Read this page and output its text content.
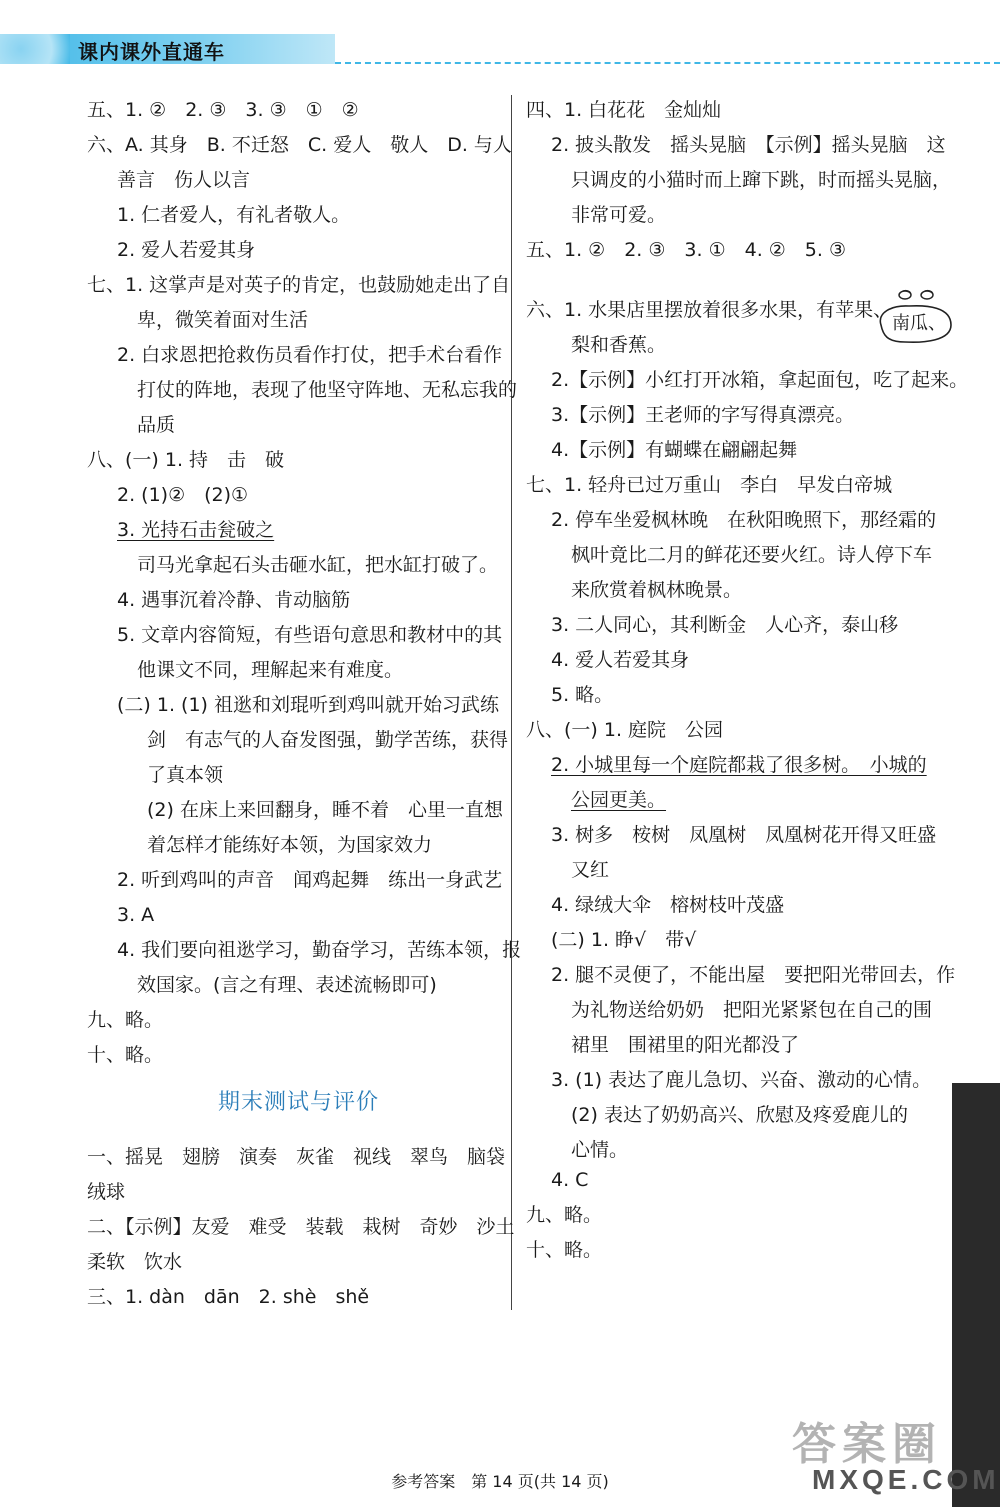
课内课外直通车
五、1. ②　2. ③　3. ③　①　②
六、A. 其身　B. 不迁怒　C. 爱人　敬人　D. 与人
善言　伤人以言
1. 仁者爱人，有礼者敬人。
2. 爱人若爱其身
七、1. 这掌声是对英子的肯定，也鼓励她走出了自
卑，微笑着面对生活
2. 白求恩把抢救伤员看作打仗，把手术台看作
打仗的阵地，表现了他坚守阵地、无私忘我的
品质
八、(一) 1. 持　击　破
2. (1)②　(2)①
3. 光持石击瓮破之
司马光拿起石头击砸水缸，把水缸打破了。
4. 遇事沉着冷静、肯动脑筋
5. 文章内容简短，有些语句意思和教材中的其
他课文不同，理解起来有难度。
(二) 1. (1) 祖逖和刘琨听到鸡叫就开始习武练
剑　有志气的人奋发图强，勤学苦练，获得
了真本领
(2) 在床上来回翻身，睡不着　心里一直想
着怎样才能练好本领，为国家效力
2. 听到鸡叫的声音　闻鸡起舞　练出一身武艺
3. A
4. 我们要向祖逖学习，勤奋学习，苦练本领，报
效国家。(言之有理、表述流畅即可)
九、略。
十、略。
期末测试与评价
一、摇晃　翅膀　演奏　灰雀　视线　翠鸟　脑袋
绒球
二、【示例】友爱　难受　装载　栽树　奇妙　沙土
柔软　饮水
三、1. dàn　dān　2. shè　shě
四、1. 白花花　金灿灿
2. 披头散发　摇头晃脑　【示例】摇头晃脑　这
只调皮的小猫时而上蹿下跳，时而摇头晃脑，
非常可爱。
五、1. ②　2. ③　3. ①　4. ②　5. ③
六、1. 水果店里摆放着很多水果，有苹果、
梨和香蕉。
2.【示例】小红打开冰箱，拿起面包，吃了起来。
3.【示例】王老师的字写得真漂亮。
4.【示例】有蝴蝶在翩翩起舞
七、1. 轻舟已过万重山　李白　早发白帝城
2. 停车坐爱枫林晚　在秋阳晚照下，那经霜的
枫叶竟比二月的鲜花还要火红。诗人停下车
来欣赏着枫林晚景。
3. 二人同心，其利断金　人心齐，泰山移
4. 爱人若爱其身
5. 略。
八、(一) 1. 庭院　公园
2. 小城里每一个庭院都栽了很多树。　小城的
公园更美。
3. 树多　桉树　凤凰树　凤凰树花开得又旺盛
又红
4. 绿绒大伞　榕树枝叶茂盛
(二) 1. 睁√　带√
2. 腿不灵便了，不能出屋　要把阳光带回去，作
为礼物送给奶奶　把阳光紧紧包在自己的围
裙里　围裙里的阳光都没了
3. (1) 表达了鹿儿急切、兴奋、激动的心情。
(2) 表达了奶奶高兴、欣慰及疼爱鹿儿的
心情。
4. C
九、略。
十、略。
南瓜、
答案圈
MXQE.COM
参考答案　第 14 页(共 14 页)
